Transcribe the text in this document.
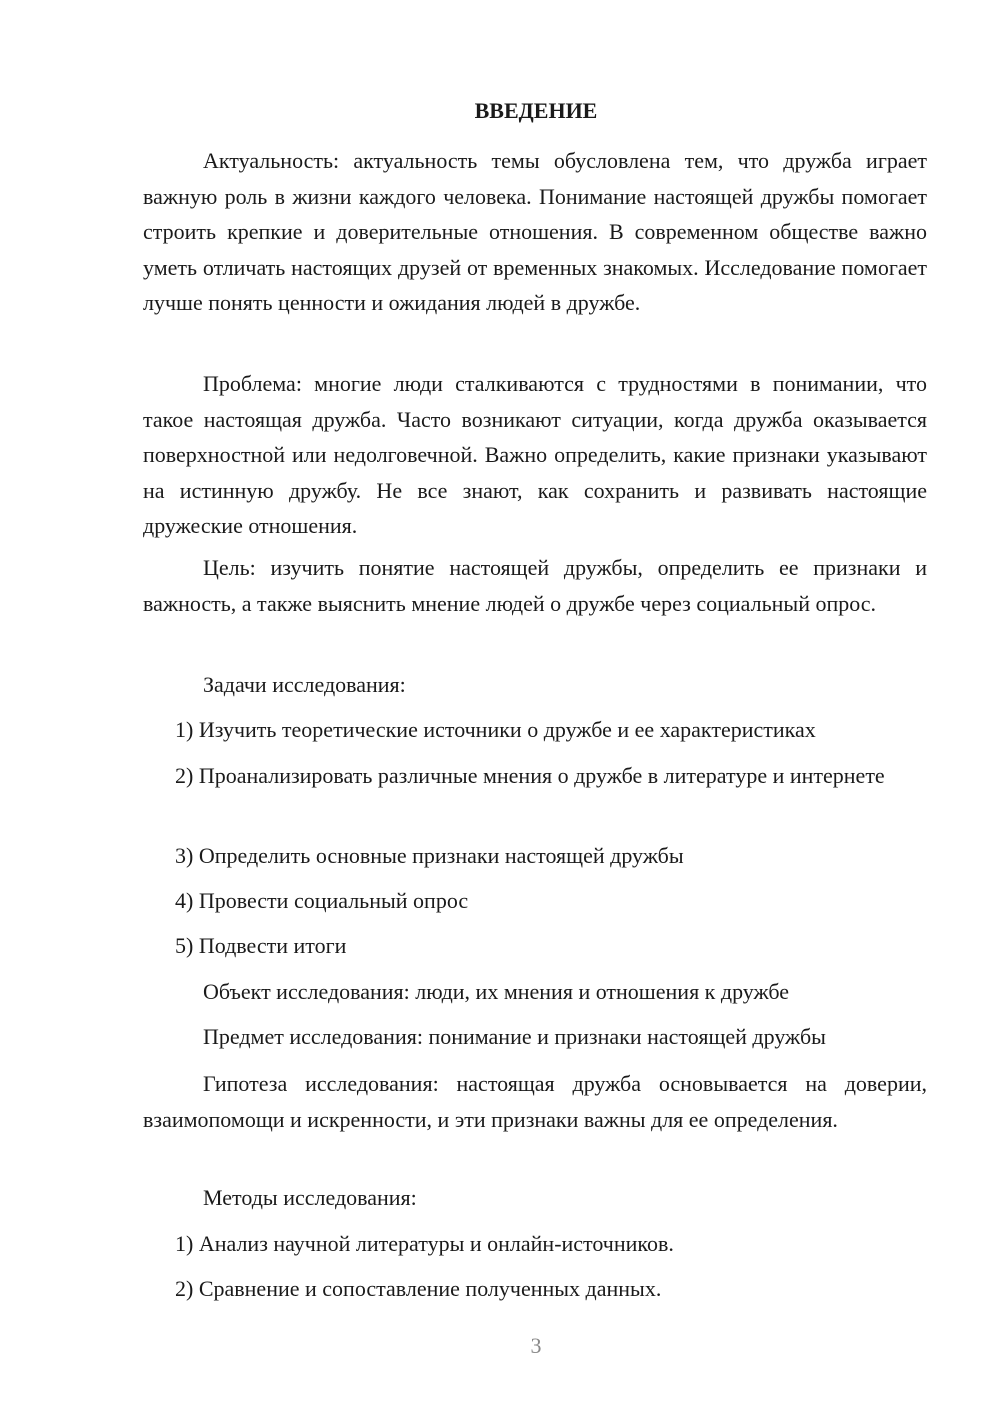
ВВЕДЕНИЕ

Актуальность: актуальность темы обусловлена тем, что дружба играет важную роль в жизни каждого человека. Понимание настоящей дружбы помогает строить крепкие и доверительные отношения. В современном обществе важно уметь отличать настоящих друзей от временных знакомых. Исследование помогает лучше понять ценности и ожидания людей в дружбе.

Проблема: многие люди сталкиваются с трудностями в понимании, что такое настоящая дружба. Часто возникают ситуации, когда дружба оказывается поверхностной или недолговечной. Важно определить, какие признаки указывают на истинную дружбу. Не все знают, как сохранить и развивать настоящие дружеские отношения.

Цель: изучить понятие настоящей дружбы, определить ее признаки и важность, а также выяснить мнение людей о дружбе через социальный опрос.

Задачи исследования:

1) Изучить теоретические источники о дружбе и ее характеристиках

2) Проанализировать различные мнения о дружбе в литературе и интернете

3) Определить основные признаки настоящей дружбы

4) Провести социальный опрос

5) Подвести итоги

Объект исследования: люди, их мнения и отношения к дружбе

Предмет исследования: понимание и признаки настоящей дружбы

Гипотеза исследования: настоящая дружба основывается на доверии, взаимопомощи и искренности, и эти признаки важны для ее определения.

Методы исследования:

1) Анализ научной литературы и онлайн-источников.

2) Сравнение и сопоставление полученных данных.

3
